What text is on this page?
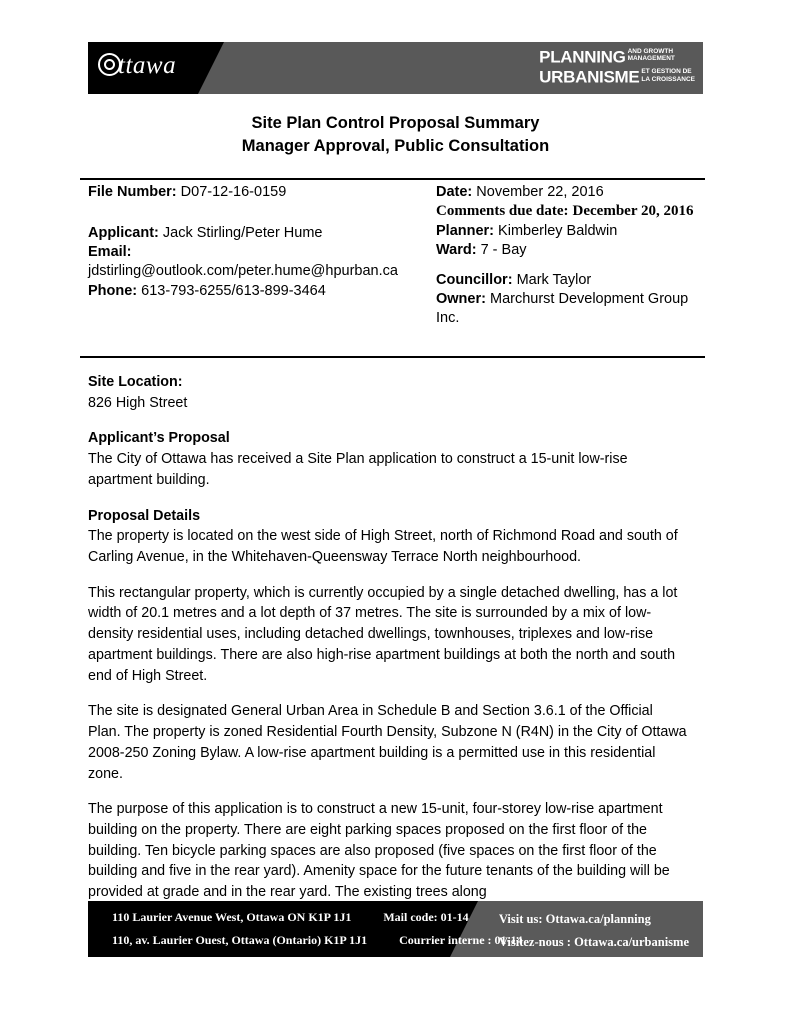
ttawa	PLANNING AND GROWTH
MANAGEMENT
URBANISME ET GESTION DE
LA CROISSANCE
Site Plan Control Proposal Summary
Manager Approval, Public Consultation
File Number: D07-12-16-0159
Applicant: Jack Stirling/Peter Hume
Email:
jdstirling@outlook.com/peter.hume@hpurban.ca
Phone: 613-793-6255/613-899-3464
Date: November 22, 2016
Comments due date: December 20, 2016
Planner: Kimberley Baldwin
Ward: 7 - Bay
Councillor: Mark Taylor
Owner: Marchurst Development Group Inc.
Site Location:

826 High Street

Applicant’s Proposal

The City of Ottawa has received a Site Plan application to construct a 15-unit low-rise apartment building.

Proposal Details

The property is located on the west side of High Street, north of Richmond Road and south of Carling Avenue, in the Whitehaven-Queensway Terrace North neighbourhood.

This rectangular property, which is currently occupied by a single detached dwelling, has a lot width of 20.1 metres and a lot depth of 37 metres. The site is surrounded by a mix of low-density residential uses, including detached dwellings, townhouses, triplexes and low-rise apartment buildings. There are also high-rise apartment buildings at both the north and south end of High Street.

The site is designated General Urban Area in Schedule B and Section 3.6.1 of the Official Plan. The property is zoned Residential Fourth Density, Subzone N (R4N) in the City of Ottawa 2008-250 Zoning Bylaw. A low-rise apartment building is a permitted use in this residential zone.

The purpose of this application is to construct a new 15-unit, four-storey low-rise apartment building on the property. There are eight parking spaces proposed on the first floor of the building. Ten bicycle parking spaces are also proposed (five spaces on the first floor of the building and five in the rear yard). Amenity space for the future tenants of the building will be provided at grade and in the rear yard. The existing trees along

110 Laurier Avenue West, Ottawa ON K1P 1J1	Mail code: 01-14
110, av. Laurier Ouest, Ottawa (Ontario) K1P 1J1	Courrier interne : 01-14
Visit us: Ottawa.ca/planning
Visitez-nous : Ottawa.ca/urbanisme
